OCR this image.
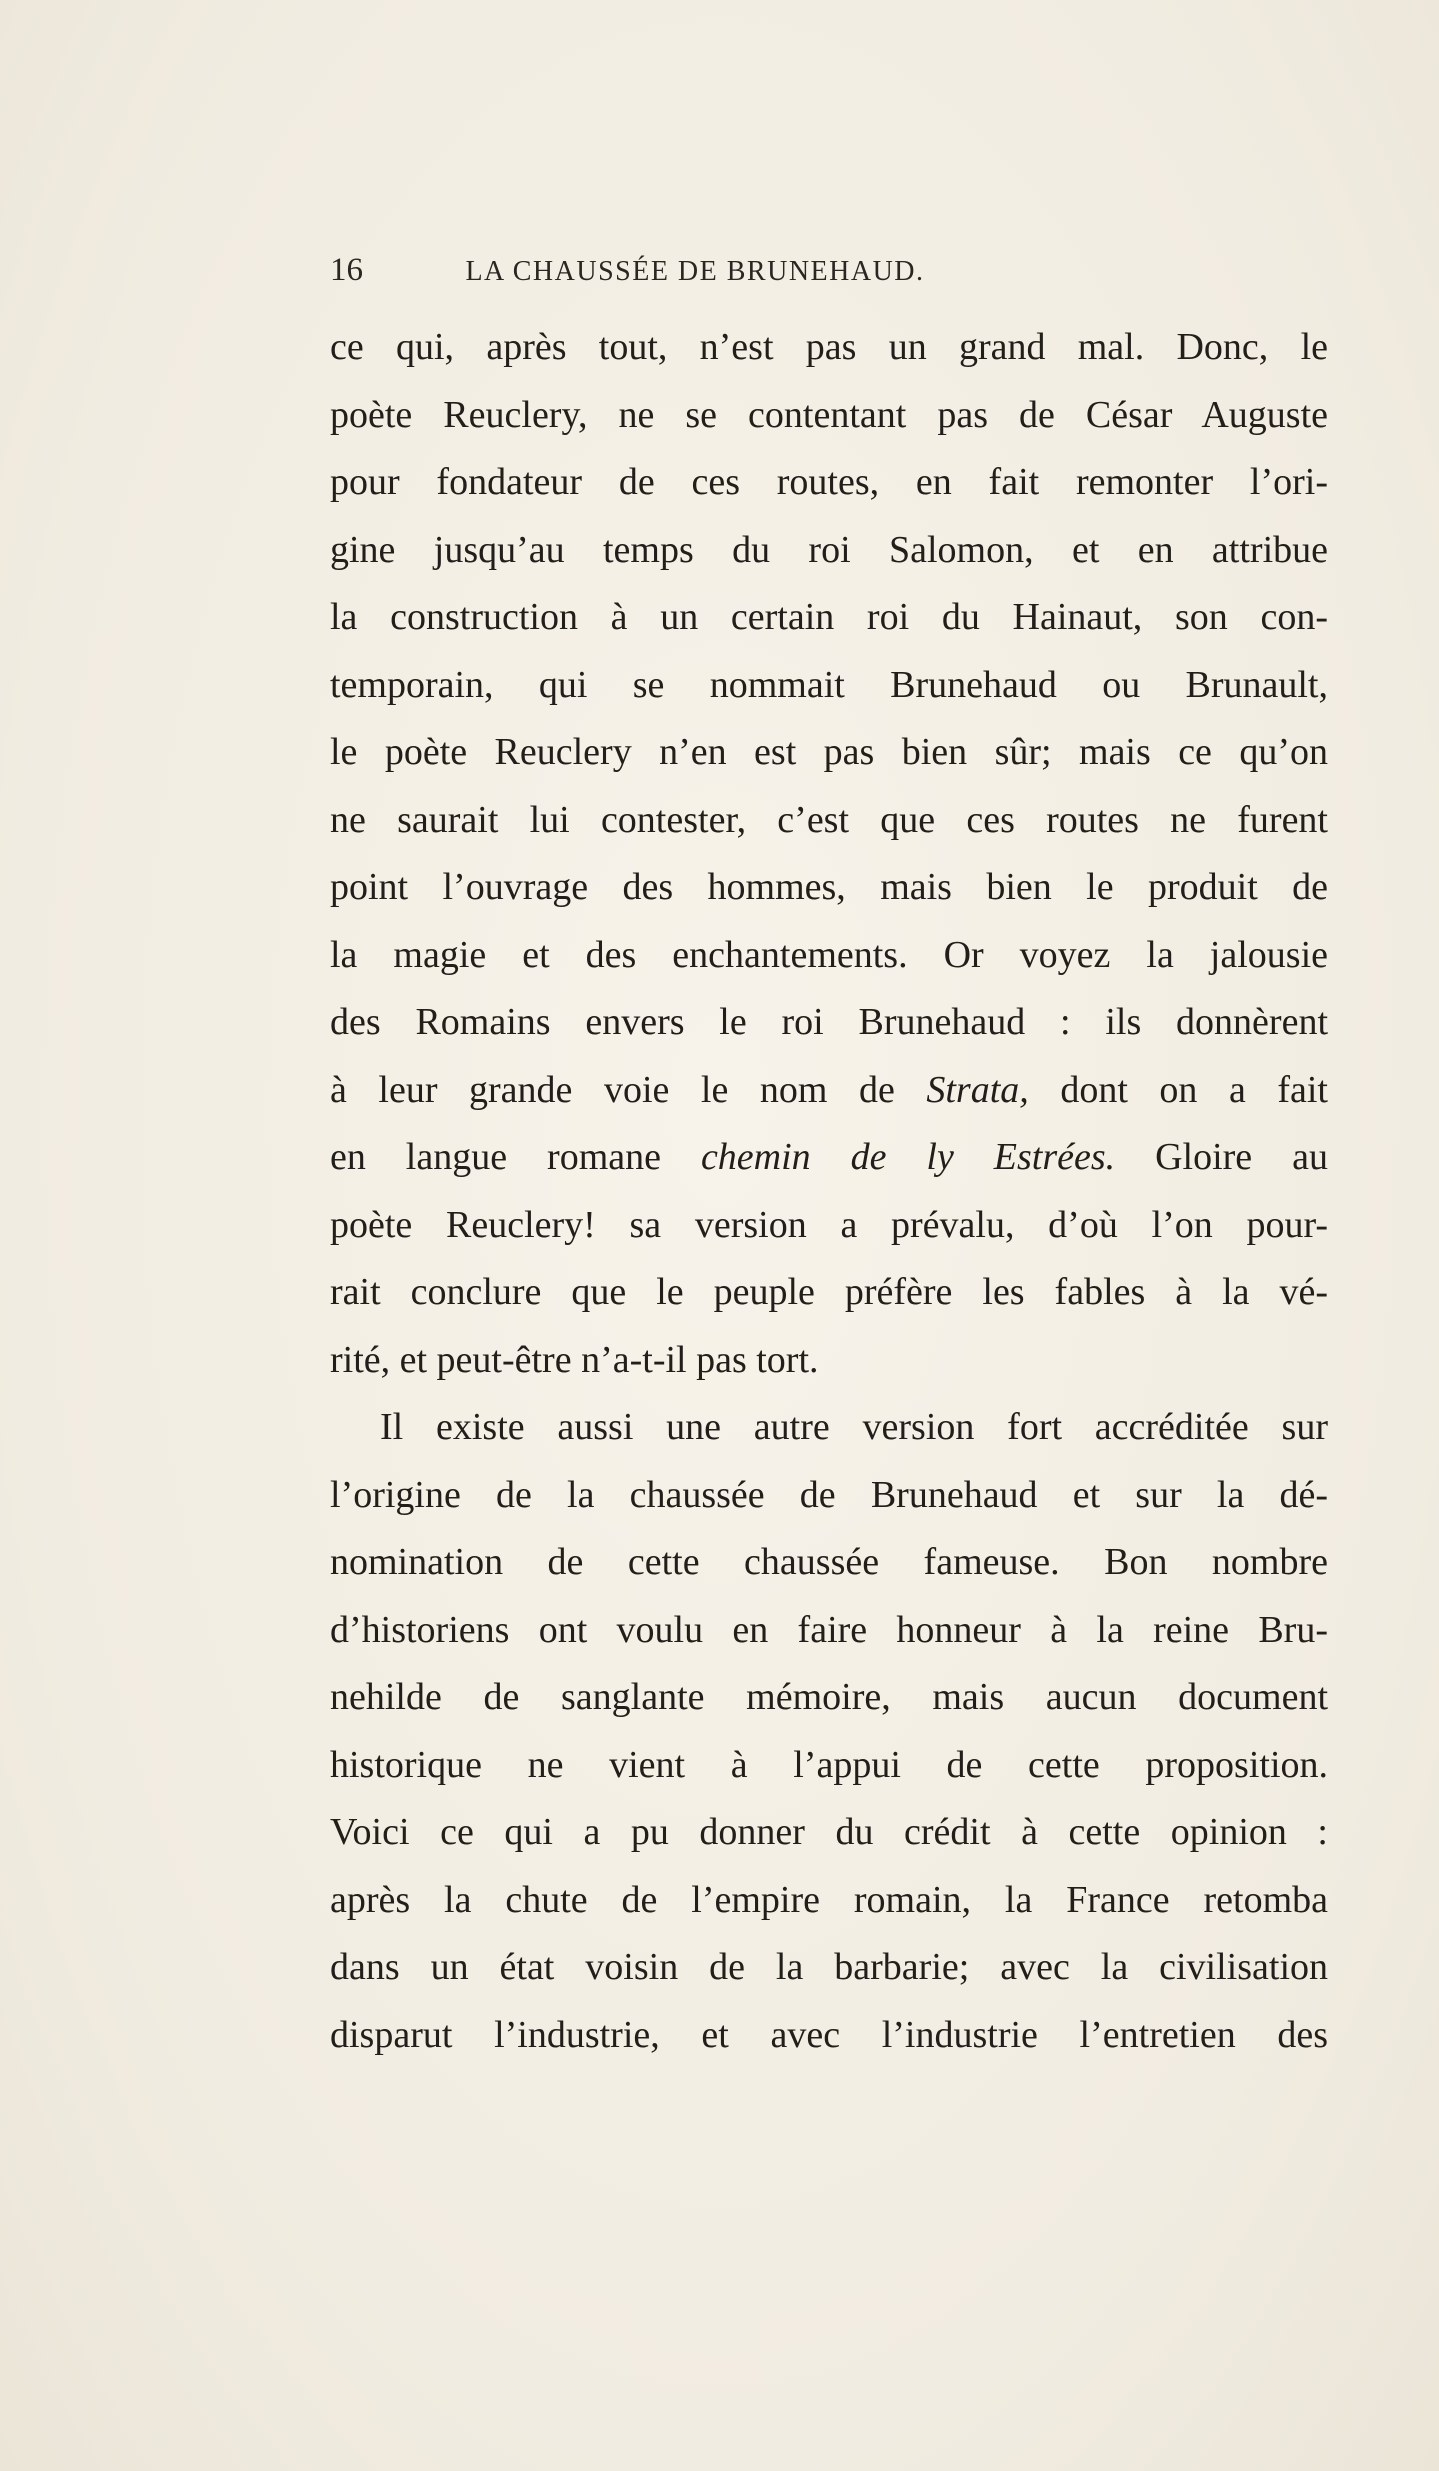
16	LA CHAUSSÉE DE BRUNEHAUD.
ce qui, après tout, n’est pas un grand mal. Donc, le
poète Reuclery, ne se contentant pas de César Auguste
pour fondateur de ces routes, en fait remonter l’ori-
gine jusqu’au temps du roi Salomon, et en attribue
la construction à un certain roi du Hainaut, son con-
temporain, qui se nommait Brunehaud ou Brunault,
le poète Reuclery n’en est pas bien sûr; mais ce qu’on
ne saurait lui contester, c’est que ces routes ne furent
point l’ouvrage des hommes, mais bien le produit de
la magie et des enchantements. Or voyez la jalousie
des Romains envers le roi Brunehaud : ils donnèrent
à leur grande voie le nom de Strata, dont on a fait
en langue romane chemin de ly Estrées. Gloire au
poète Reuclery! sa version a prévalu, d’où l’on pour-
rait conclure que le peuple préfère les fables à la vé-
rité, et peut-être n’a-t-il pas tort.
Il existe aussi une autre version fort accréditée sur
l’origine de la chaussée de Brunehaud et sur la dé-
nomination de cette chaussée fameuse. Bon nombre
d’historiens ont voulu en faire honneur à la reine Bru-
nehilde de sanglante mémoire, mais aucun document
historique ne vient à l’appui de cette proposition.
Voici ce qui a pu donner du crédit à cette opinion :
après la chute de l’empire romain, la France retomba
dans un état voisin de la barbarie; avec la civilisation
disparut l’industrie, et avec l’industrie l’entretien des
